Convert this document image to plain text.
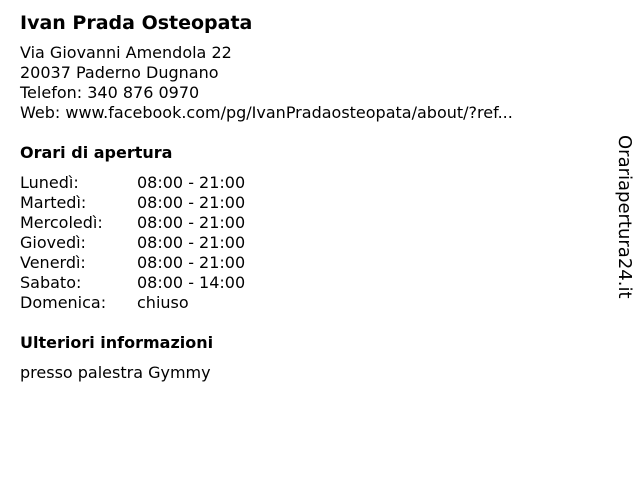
Ivan Prada Osteopata
Via Giovanni Amendola 22
20037 Paderno Dugnano
Telefon: 340 876 0970
Web: www.facebook.com/pg/IvanPradaosteopata/about/?ref...
Orari di apertura
Lunedì:	08:00 - 21:00
Martedì:	08:00 - 21:00
Mercoledì:	08:00 - 21:00
Giovedì:	08:00 - 21:00
Venerdì:	08:00 - 21:00
Sabato:	08:00 - 14:00
Domenica:	chiuso
Ulteriori informazioni
presso palestra Gymmy
Orariapertura24.it
